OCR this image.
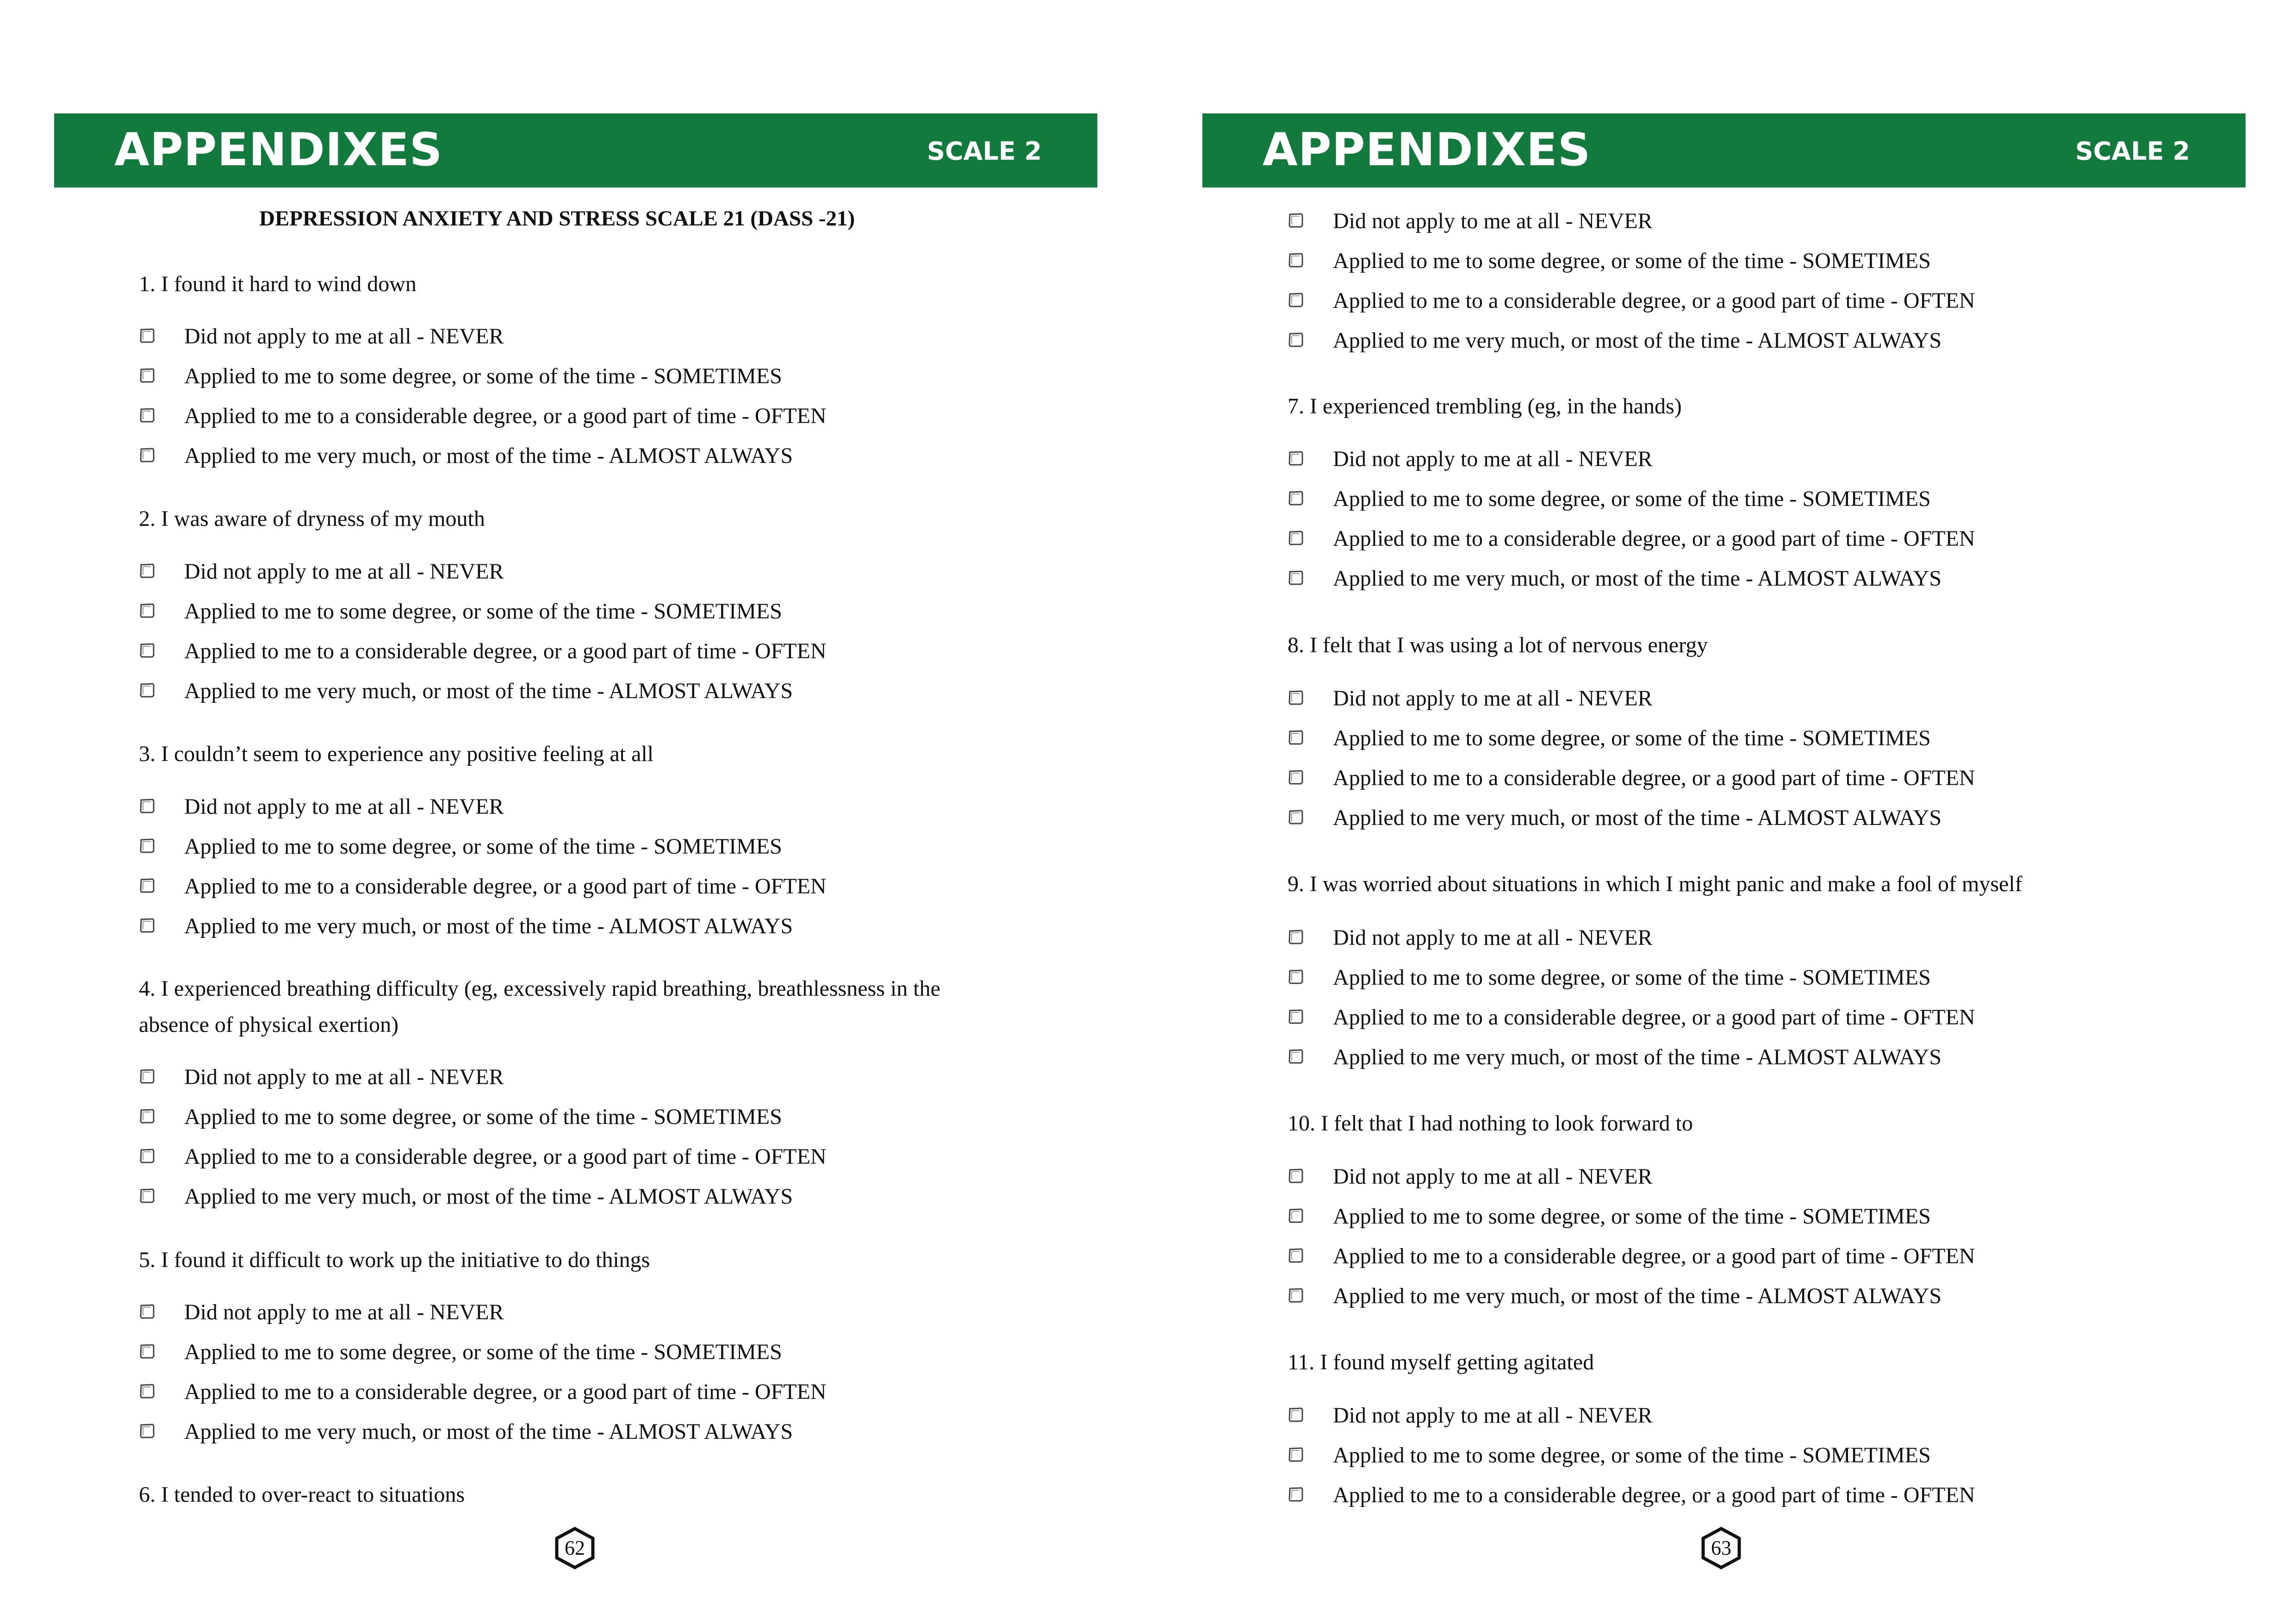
APPENDIXES	SCALE 2
DEPRESSION ANXIETY AND STRESS SCALE 21 (DASS -21)
1. I found it hard to wind down
Did not apply to me at all - NEVER
Applied to me to some degree, or some of the time - SOMETIMES
Applied to me to a considerable degree, or a good part of time - OFTEN
Applied to me very much, or most of the time - ALMOST ALWAYS
2. I was aware of dryness of my mouth
Did not apply to me at all - NEVER
Applied to me to some degree, or some of the time - SOMETIMES
Applied to me to a considerable degree, or a good part of time - OFTEN
Applied to me very much, or most of the time - ALMOST ALWAYS
3. I couldn’t seem to experience any positive feeling at all
Did not apply to me at all - NEVER
Applied to me to some degree, or some of the time - SOMETIMES
Applied to me to a considerable degree, or a good part of time - OFTEN
Applied to me very much, or most of the time - ALMOST ALWAYS
4. I experienced breathing difficulty (eg, excessively rapid breathing, breathlessness in the
absence of physical exertion)
Did not apply to me at all - NEVER
Applied to me to some degree, or some of the time - SOMETIMES
Applied to me to a considerable degree, or a good part of time - OFTEN
Applied to me very much, or most of the time - ALMOST ALWAYS
5. I found it difficult to work up the initiative to do things
Did not apply to me at all - NEVER
Applied to me to some degree, or some of the time - SOMETIMES
Applied to me to a considerable degree, or a good part of time - OFTEN
Applied to me very much, or most of the time - ALMOST ALWAYS
6. I tended to over-react to situations
62
APPENDIXES	SCALE 2
Did not apply to me at all - NEVER
Applied to me to some degree, or some of the time - SOMETIMES
Applied to me to a considerable degree, or a good part of time - OFTEN
Applied to me very much, or most of the time - ALMOST ALWAYS
7. I experienced trembling (eg, in the hands)
Did not apply to me at all - NEVER
Applied to me to some degree, or some of the time - SOMETIMES
Applied to me to a considerable degree, or a good part of time - OFTEN
Applied to me very much, or most of the time - ALMOST ALWAYS
8. I felt that I was using a lot of nervous energy
Did not apply to me at all - NEVER
Applied to me to some degree, or some of the time - SOMETIMES
Applied to me to a considerable degree, or a good part of time - OFTEN
Applied to me very much, or most of the time - ALMOST ALWAYS
9. I was worried about situations in which I might panic and make a fool of myself
Did not apply to me at all - NEVER
Applied to me to some degree, or some of the time - SOMETIMES
Applied to me to a considerable degree, or a good part of time - OFTEN
Applied to me very much, or most of the time - ALMOST ALWAYS
10. I felt that I had nothing to look forward to
Did not apply to me at all - NEVER
Applied to me to some degree, or some of the time - SOMETIMES
Applied to me to a considerable degree, or a good part of time - OFTEN
Applied to me very much, or most of the time - ALMOST ALWAYS
11. I found myself getting agitated
Did not apply to me at all - NEVER
Applied to me to some degree, or some of the time - SOMETIMES
Applied to me to a considerable degree, or a good part of time - OFTEN
63
